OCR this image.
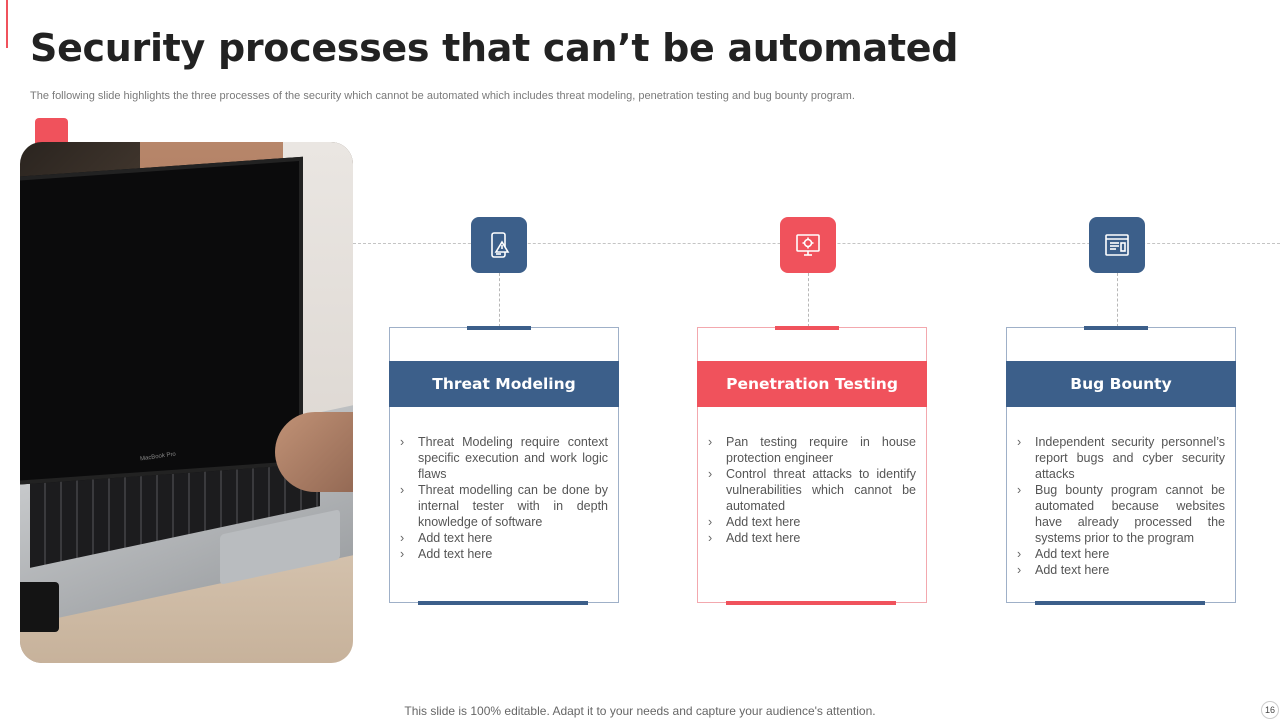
Security processes that can’t be automated
The following slide highlights the three processes of the security which cannot be automated which includes threat modeling, penetration testing and bug bounty program.
MacBook Pro
Threat Modeling
› Threat Modeling require context specific execution and work logic flaws
› Threat modelling can be done by internal tester with in depth knowledge of software
› Add text here
› Add text here
Penetration Testing
› Pan testing require in house protection engineer
› Control threat attacks to identify vulnerabilities which cannot be automated
› Add text here
› Add text here
Bug Bounty
› Independent security personnel’s report bugs and cyber security attacks
› Bug bounty program cannot be automated because websites have already processed the systems prior to the program
› Add text here
› Add text here
This slide is 100% editable. Adapt it to your needs and capture your audience's attention.	16
